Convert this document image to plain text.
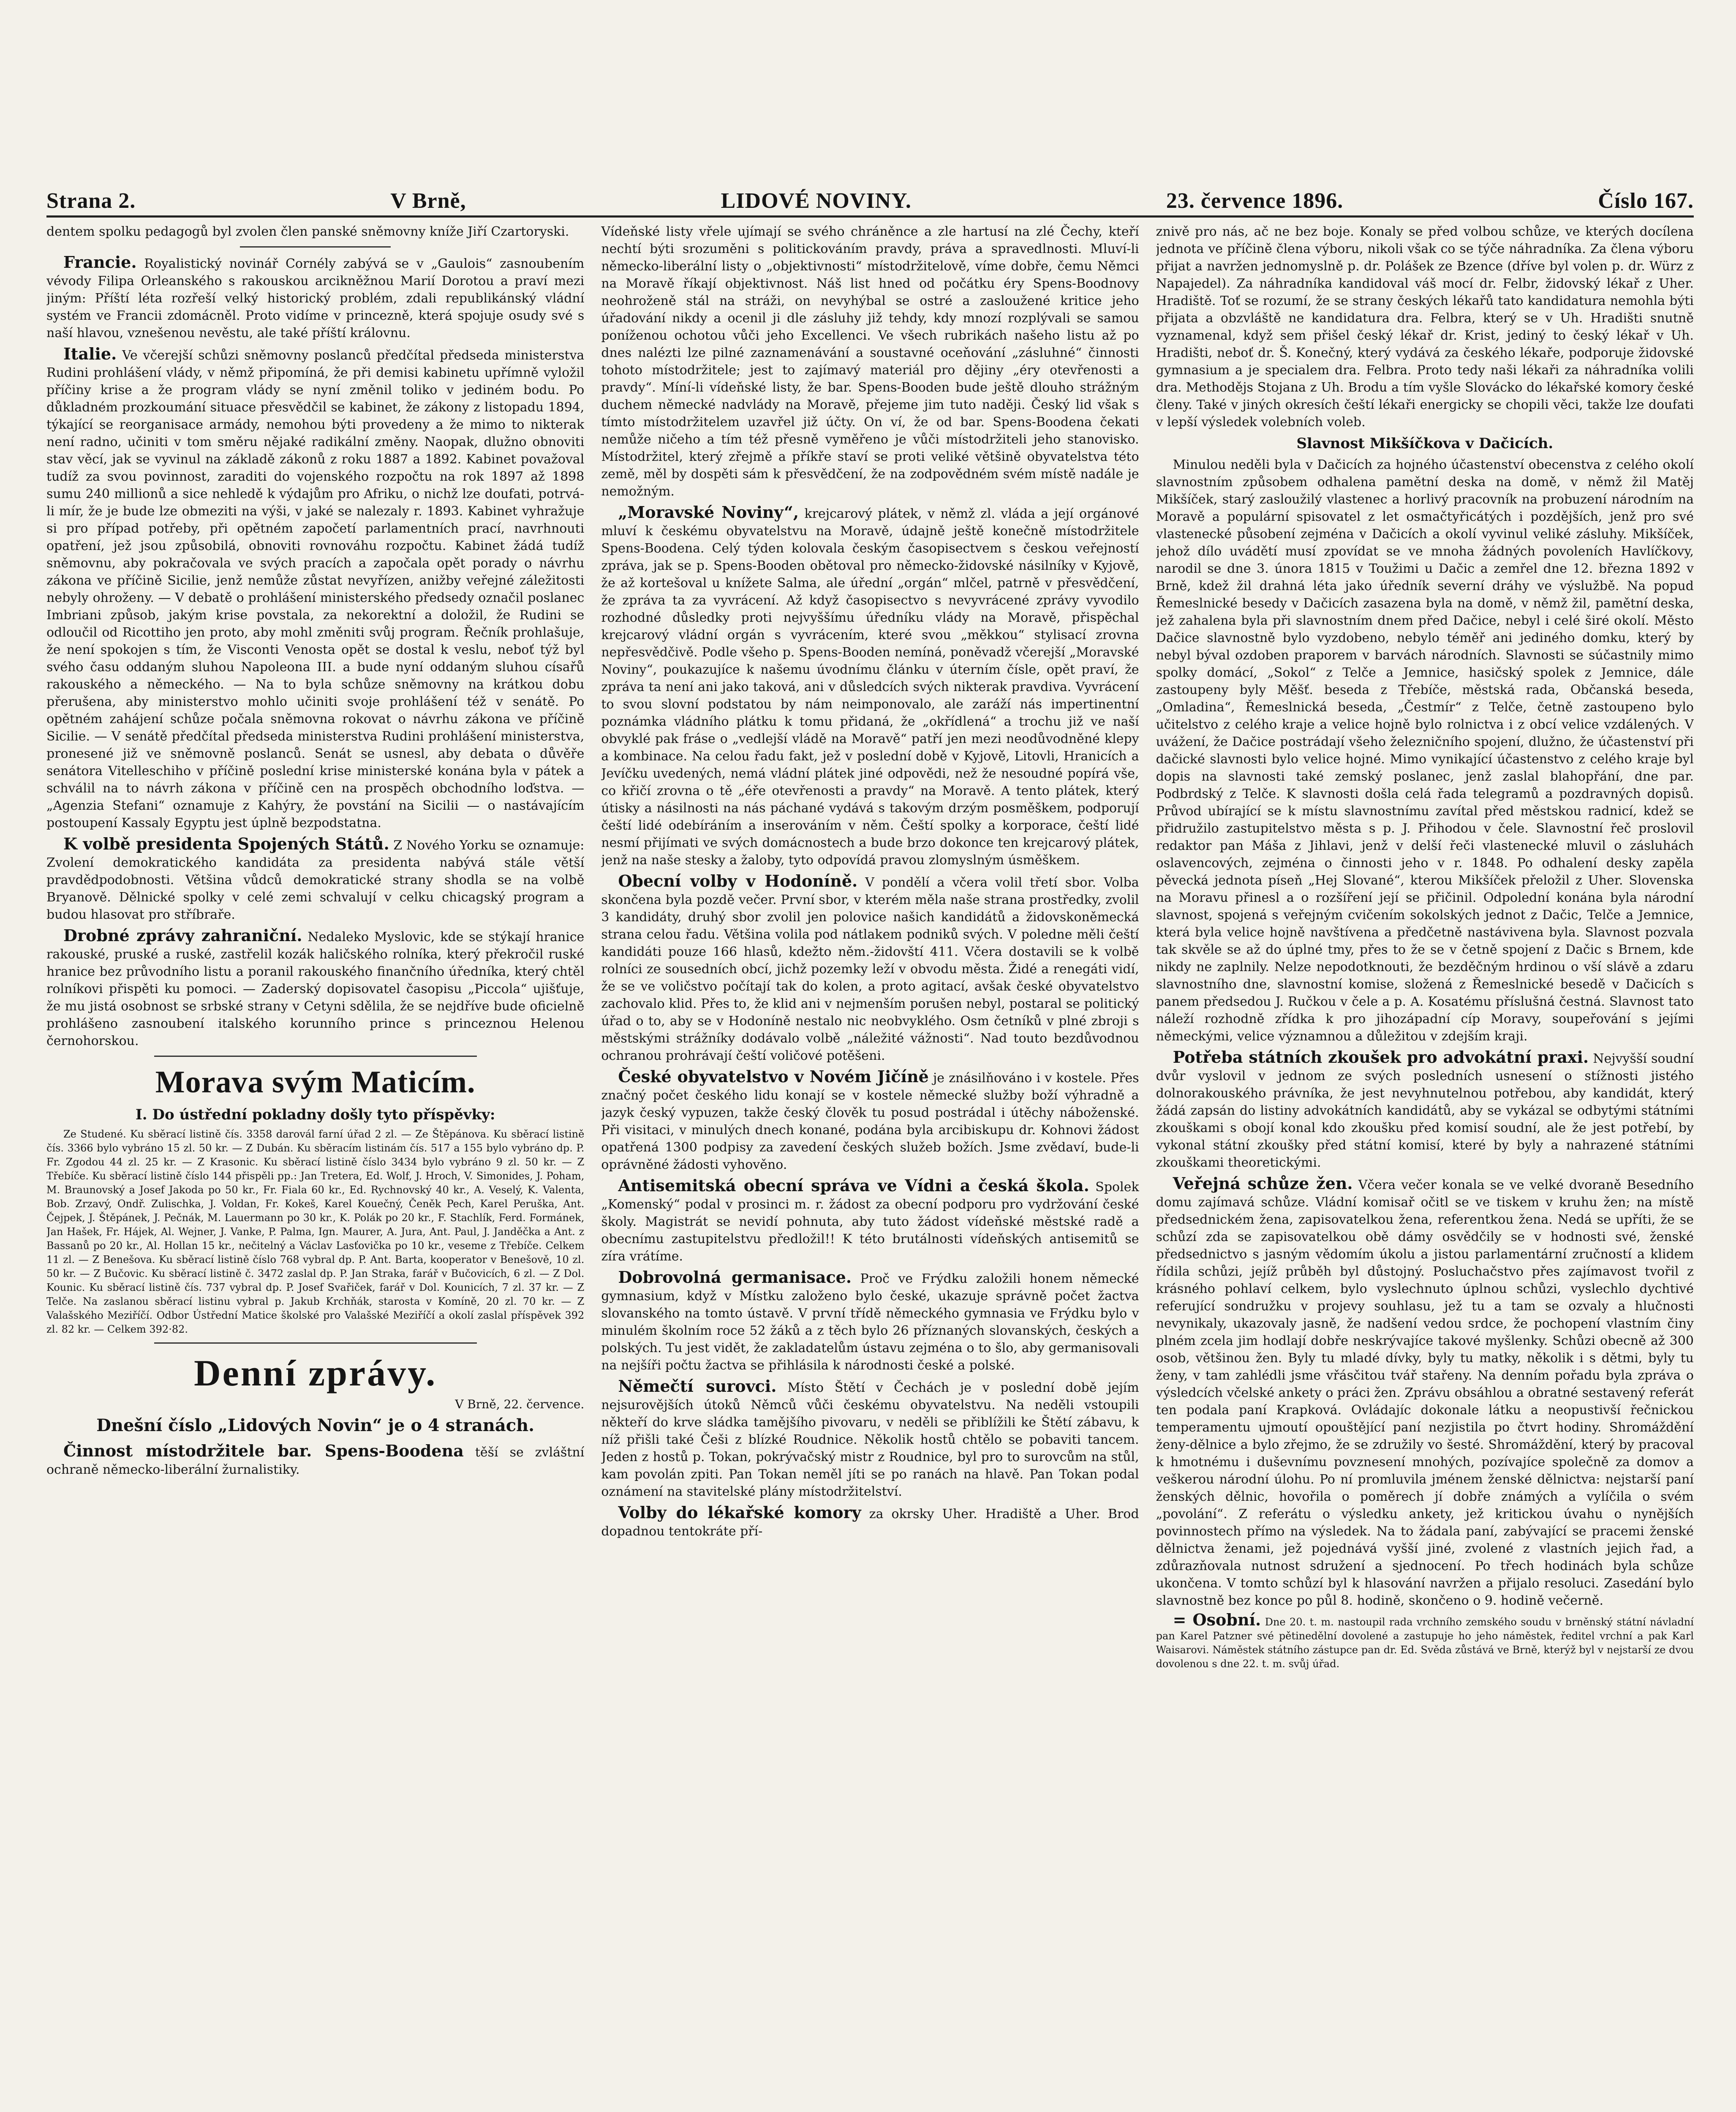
Strana 2.	V Brně,	LIDOVÉ NOVINY.	23. července 1896.	Číslo 167.

dentem spolku pedagogů byl zvolen člen panské sněmovny kníže Jiří Czartoryski.

Francie. Royalistický novinář Cornély zabývá se v „Gaulois“ zasnoubením vévody Filipa Orleanského s rakouskou arcikněžnou Marií Dorotou a praví mezi jiným: Příští léta rozřeší velký historický problém, zdali republikánský vládní systém ve Francii zdomácněl. Proto vidíme v princezně, která spojuje osudy své s naší hlavou, vznešenou nevěstu, ale také příští královnu.

Italie. Ve včerejší schůzi sněmovny poslanců předčítal předseda ministerstva Rudini prohlášení vlády, v němž připomíná, že při demisi kabinetu upřímně vyložil příčiny krise a že program vlády se nyní změnil toliko v jediném bodu. Po důkladném prozkoumání situace přesvědčil se kabinet, že zákony z listopadu 1894, týkající se reorganisace armády, nemohou býti provedeny a že mimo to nikterak není radno, učiniti v tom směru nějaké radikální změny. Naopak, dlužno obnoviti stav věcí, jak se vyvinul na základě zákonů z roku 1887 a 1892. Kabinet považoval tudíž za svou povinnost, zaraditi do vojenského rozpočtu na rok 1897 až 1898 sumu 240 millionů a sice nehledě k výdajům pro Afriku, o nichž lze doufati, potrvá-li mír, že je bude lze obmeziti na výši, v jaké se nalezaly r. 1893. Kabinet vyhražuje si pro případ potřeby, při opětném započetí parlamentních prací, navrhnouti opatření, jež jsou způsobilá, obnoviti rovnováhu rozpočtu. Kabinet žádá tudíž sněmovnu, aby pokračovala ve svých pracích a započala opět porady o návrhu zákona ve příčině Sicilie, jenž nemůže zůstat nevyřízen, anižby veřejné záležitosti nebyly ohroženy. — V debatě o prohlášení ministerského předsedy označil poslanec Imbriani způsob, jakým krise povstala, za nekorektní a doložil, že Rudini se odloučil od Ricottiho jen proto, aby mohl změniti svůj program. Řečník prohlašuje, že není spokojen s tím, že Visconti Venosta opět se dostal k veslu, neboť týž byl svého času oddaným sluhou Napoleona III. a bude nyní oddaným sluhou císařů rakouského a německého. — Na to byla schůze sněmovny na krátkou dobu přerušena, aby ministerstvo mohlo učiniti svoje prohlášení též v senátě. Po opětném zahájení schůze počala sněmovna rokovat o návrhu zákona ve příčině Sicilie. — V senátě předčítal předseda ministerstva Rudini prohlášení ministerstva, pronesené již ve sněmovně poslanců. Senát se usnesl, aby debata o důvěře senátora Vitelleschiho v příčině poslední krise ministerské konána byla v pátek a schválil na to návrh zákona v příčině cen na prospěch obchodního loďstva. — „Agenzia Stefani“ oznamuje z Kahýry, že povstání na Sicilii — o nastávajícím postoupení Kassaly Egyptu jest úplně bezpodstatna.

K volbě presidenta Spojených Států. Z Nového Yorku se oznamuje: Zvolení demokratického kandidáta za presidenta nabývá stále větší pravdědpodobnosti. Většina vůdců demokratické strany shodla se na volbě Bryanově. Dělnické spolky v celé zemi schvalují v celku chicagský program a budou hlasovat pro stříbraře.

Drobné zprávy zahraniční. Nedaleko Myslovic, kde se stýkají hranice rakouské, pruské a ruské, zastřelil kozák haličského rolníka, který překročil ruské hranice bez průvodního listu a poranil rakouského finančního úředníka, který chtěl rolníkovi přispěti ku pomoci. — Zaderský dopisovatel časopisu „Piccola“ ujišťuje, že mu jistá osobnost se srbské strany v Cetyni sdělila, že se nejdříve bude oficielně prohlášeno zasnoubení italského korunního prince s princeznou Helenou černohorskou.

Morava svým Maticím.
I. Do ústřední pokladny došly tyto příspěvky:

Ze Studené. Ku sběrací listině čís. 3358 darovál farní úřad 2 zl. — Ze Štěpánova. Ku sběrací listině čís. 3366 bylo vybráno 15 zl. 50 kr. — Z Dubán. Ku sběracím listinám čís. 517 a 155 bylo vybráno dp. P. Fr. Zgodou 44 zl. 25 kr. — Z Krasonic. Ku sběrací listině číslo 3434 bylo vybráno 9 zl. 50 kr. — Z Třebíče. Ku sběrací listině číslo 144 přispěli pp.: Jan Tretera, Ed. Wolf, J. Hroch, V. Simonides, J. Poham, M. Braunovský a Josef Jakoda po 50 kr., Fr. Fiala 60 kr., Ed. Rychnovský 40 kr., A. Veselý, K. Valenta, Bob. Zrzavý, Ondř. Zulischka, J. Voldan, Fr. Kokeš, Karel Kouečný, Čeněk Pech, Karel Peruška, Ant. Čejpek, J. Štěpánek, J. Pečnák, M. Lauermann po 30 kr., K. Polák po 20 kr., F. Stachlík, Ferd. Formánek, Jan Hašek, Fr. Hájek, Al. Wejner, J. Vanke, P. Palma, Ign. Maurer, A. Jura, Ant. Paul, J. Janděčka a Ant. z Bassanů po 20 kr., Al. Hollan 15 kr., nečitelný a Václav Lasťovička po 10 kr., veseme z Třebíče. Celkem 11 zl. — Z Benešova. Ku sběrací listině číslo 768 vybral dp. P. Ant. Barta, kooperator v Benešově, 10 zl. 50 kr. — Z Bučovic. Ku sběrací listině č. 3472 zaslal dp. P. Jan Straka, farář v Bučovicích, 6 zl. — Z Dol. Kounic. Ku sběrací listině čís. 737 vybral dp. P. Josef Svařiček, farář v Dol. Kounicích, 7 zl. 37 kr. — Z Telče. Na zaslanou sběrací listinu vybral p. Jakub Krchňák, starosta v Komíně, 20 zl. 70 kr. — Z Valašského Meziříčí. Odbor Ústřední Matice školské pro Valašské Meziříčí a okolí zaslal příspěvek 392 zl. 82 kr. — Celkem 392·82.

Denní zprávy.
V Brně, 22. července.
Dnešní číslo „Lidových Novin“ je o 4 stranách.

Činnost místodržitele bar. Spens-Boodena těší se zvláštní ochraně německo-liberální žurnalistiky.

Vídeňské listy vřele ujímají se svého chráněnce a zle hartusí na zlé Čechy, kteří nechtí býti srozuměni s politickováním pravdy, práva a spravedlnosti. Mluví-li německo-liberální listy o „objektivnosti“ místodržitelově, víme dobře, čemu Němci na Moravě říkají objektivnost. Náš list hned od počátku éry Spens-Boodnovy neohroženě stál na stráži, on nevyhýbal se ostré a zasloužené kritice jeho úřadování nikdy a ocenil ji dle zásluhy již tehdy, kdy mnozí rozplývali se samou poníženou ochotou vůči jeho Excellenci. Ve všech rubrikách našeho listu až po dnes nalézti lze pilné zaznamenávání a soustavné oceňování „zásluhné“ činnosti tohoto místodržitele; jest to zajímavý materiál pro dějiny „éry otevřenosti a pravdy“. Míní-li vídeňské listy, že bar. Spens-Booden bude ještě dlouho strážným duchem německé nadvlády na Moravě, přejeme jim tuto naději. Český lid však s tímto místodržitelem uzavřel již účty. On ví, že od bar. Spens-Boodena čekati nemůže ničeho a tím též přesně vyměřeno je vůči místodržiteli jeho stanovisko. Místodržitel, který zřejmě a příkře staví se proti veliké většině obyvatelstva této země, měl by dospěti sám k přesvědčení, že na zodpovědném svém místě nadále je nemožným.

„Moravské Noviny“, krejcarový plátek, v němž zl. vláda a její orgánové mluví k českému obyvatelstvu na Moravě, údajně ještě konečně místodržitele Spens-Boodena. Celý týden kolovala českým časopisectvem s českou veřejností zpráva, jak se p. Spens-Booden obětoval pro německo-židovské násilníky v Kyjově, že až kortešoval u knížete Salma, ale úřední „orgán“ mlčel, patrně v přesvědčení, že zpráva ta za vyvrácení. Až když časopisectvo s nevyvrácené zprávy vyvodilo rozhodné důsledky proti nejvyššímu úředníku vlády na Moravě, přispěchal krejcarový vládní orgán s vyvrácením, které svou „měkkou“ stylisací zrovna nepřesvědčivě. Podle všeho p. Spens-Booden nemíná, poněvadž včerejší „Moravské Noviny“, poukazujíce k našemu úvodnímu článku v úterním čísle, opět praví, že zpráva ta není ani jako taková, ani v důsledcích svých nikterak pravdiva. Vyvrácení to svou slovní podstatou by nám neimponovalo, ale zaráží nás impertinentní poznámka vládního plátku k tomu přidaná, že „okřídlená“ a trochu již ve naší obvyklé pak fráse o „vedlejší vládě na Moravě“ patří jen mezi neodůvodněné klepy a kombinace. Na celou řadu fakt, jež v poslední době v Kyjově, Litovli, Hranicích a Jevíčku uvedených, nemá vládní plátek jiné odpovědi, než že nesoudné popírá vše, co křičí zrovna o tě „éře otevřenosti a pravdy“ na Moravě. A tento plátek, který útisky a násilnosti na nás páchané vydává s takovým drzým posměškem, podporují čeští lidé odebíráním a inserováním v něm. Čeští spolky a korporace, čeští lidé nesmí přijímati ve svých domácnostech a bude brzo dokonce ten krejcarový plátek, jenž na naše stesky a žaloby, tyto odpovídá pravou zlomyslným úsměškem.

Obecní volby v Hodoníně. V pondělí a včera volil třetí sbor. Volba skončena byla pozdě večer. První sbor, v kterém měla naše strana prostředky, zvolil 3 kandidáty, druhý sbor zvolil jen polovice našich kandidátů a židovskoněmecká strana celou řadu. Většina volila pod nátlakem podniků svých. V poledne měli čeští kandidáti pouze 166 hlasů, kdežto něm.-židovští 411. Včera dostavili se k volbě rolníci ze sousedních obcí, jichž pozemky leží v obvodu města. Židé a renegáti vidí, že se ve voličstvo počítají tak do kolen, a proto agitací, avšak české obyvatelstvo zachovalo klid. Přes to, že klid ani v nejmenším porušen nebyl, postaral se politický úřad o to, aby se v Hodoníně nestalo nic neobvyklého. Osm četníků v plné zbroji s městskými strážníky dodávalo volbě „náležité vážnosti“. Nad touto bezdůvodnou ochranou prohrávají čeští voličové potěšeni.

České obyvatelstvo v Novém Jičíně je znásilňováno i v kostele. Přes značný počet českého lidu konají se v kostele německé služby boží výhradně a jazyk český vypuzen, takže český člověk tu posud postrádal i útěchy náboženské. Při visitaci, v minulých dnech konané, podána byla arcibiskupu dr. Kohnovi žádost opatřená 1300 podpisy za zavedení českých služeb božích. Jsme zvědaví, bude-li oprávněné žádosti vyhověno.

Antisemitská obecní správa ve Vídni a česká škola. Spolek „Komenský“ podal v prosinci m. r. žádost za obecní podporu pro vydržování české školy. Magistrát se nevidí pohnuta, aby tuto žádost vídeňské městské radě a obecnímu zastupitelstvu předložil!! K této brutálnosti vídeňských antisemitů se zíra vrátíme.

Dobrovolná germanisace. Proč ve Frýdku založili honem německé gymnasium, když v Místku založeno bylo české, ukazuje správně počet žactva slovanského na tomto ústavě. V první třídě německého gymnasia ve Frýdku bylo v minulém školním roce 52 žáků a z těch bylo 26 příznaných slovanských, českých a polských. Tu jest vidět, že zakladatelům ústavu zejména o to šlo, aby germanisovali na nejšíři počtu žactva se přihlásila k národnosti české a polské.

Němečtí surovci. Místo Štětí v Čechách je v poslední době jejím nejsurovějších útoků Němců vůči českému obyvatelstvu. Na neděli vstoupili někteří do krve sládka tamějšího pivovaru, v neděli se přiblížili ke Štětí zábavu, k níž přišli také Češi z blízké Roudnice. Několik hostů chtělo se pobaviti tancem. Jeden z hostů p. Tokan, pokrývačský mistr z Roudnice, byl pro to surovcům na stůl, kam povolán zpiti. Pan Tokan neměl jíti se po ranách na hlavě. Pan Tokan podal oznámení na stavitelské plány místodržitelství.

Volby do lékařské komory za okrsky Uher. Hradiště a Uher. Brod dopadnou tentokráte pří-

znivě pro nás, ač ne bez boje. Konaly se před volbou schůze, ve kterých docílena jednota ve příčině člena výboru, nikoli však co se týče náhradníka. Za člena výboru přijat a navržen jednomyslně p. dr. Polášek ze Bzence (dříve byl volen p. dr. Würz z Napajedel). Za náhradníka kandidoval váš mocí dr. Felbr, židovský lékař z Uher. Hradiště. Toť se rozumí, že se strany českých lékařů tato kandidatura nemohla býti přijata a obzvláště ne kandidatura dra. Felbra, který se v Uh. Hradišti snutně vyznamenal, když sem přišel český lékař dr. Krist, jediný to český lékař v Uh. Hradišti, neboť dr. Š. Konečný, který vydává za českého lékaře, podporuje židovské gymnasium a je specialem dra. Felbra. Proto tedy naši lékaři za náhradníka volili dra. Methodějs Stojana z Uh. Brodu a tím vyšle Slovácko do lékařské komory české členy. Také v jiných okresích čeští lékaři energicky se chopili věci, takže lze doufati v lepší výsledek volebních voleb.

Slavnost Mikšíčkova v Dačicích.

Minulou neděli byla v Dačicích za hojného účastenství obecenstva z celého okolí slavnostním způsobem odhalena pamětní deska na domě, v němž žil Matěj Mikšíček, starý zasloužilý vlastenec a horlivý pracovník na probuzení národním na Moravě a populární spisovatel z let osmačtyřicátých i pozdějších, jenž pro své vlastenecké působení zejména v Dačicích a okolí vyvinul veliké zásluhy. Mikšíček, jehož dílo uvádětí musí zpovídat se ve mnoha žádných povoleních Havlíčkovy, narodil se dne 3. února 1815 v Toužimi u Dačic a zemřel dne 12. března 1892 v Brně, kdež žil drahná léta jako úředník severní dráhy ve výslužbě. Na popud Řemeslnické besedy v Dačicích zasazena byla na domě, v němž žil, pamětní deska, jež zahalena byla při slavnostním dnem před Dačice, nebyl i celé širé okolí. Město Dačice slavnostně bylo vyzdobeno, nebylo téměř ani jediného domku, který by nebyl býval ozdoben praporem v barvách národních. Slavnosti se súčastnily mimo spolky domácí, „Sokol“ z Telče a Jemnice, hasičský spolek z Jemnice, dále zastoupeny byly Měšť. beseda z Třebíče, městská rada, Občanská beseda, „Omladina“, Řemeslnická beseda, „Čestmír“ z Telče, četně zastoupeno bylo učitelstvo z celého kraje a velice hojně bylo rolnictva i z obcí velice vzdálených. V uvážení, že Dačice postrádají všeho železničního spojení, dlužno, že účastenství při dačické slavnosti bylo velice hojné. Mimo vynikající účastenstvo z celého kraje byl dopis na slavnosti také zemský poslanec, jenž zaslal blahopřání, dne par. Podbrdský z Telče. K slavnosti došla celá řada telegramů a pozdravných dopisů. Průvod ubírající se k místu slavnostnímu zavítal před městskou radnicí, kdež se přidružilo zastupitelstvo města s p. J. Přihodou v čele. Slavnostní řeč proslovil redaktor pan Máša z Jihlavi, jenž v delší řeči vlastenecké mluvil o zásluhách oslavencových, zejména o činnosti jeho v r. 1848. Po odhalení desky zapěla pěvecká jednota píseň „Hej Slované“, kterou Mikšíček přeložil z Uher. Slovenska na Moravu přinesl a o rozšíření její se přičinil. Odpolední konána byla národní slavnost, spojená s veřejným cvičením sokolských jednot z Dačic, Telče a Jemnice, která byla velice hojně navštívena a předčetně nastávivena byla. Slavnost pozvala tak skvěle se až do úplné tmy, přes to že se v četně spojení z Dačic s Brnem, kde nikdy ne zaplnily. Nelze nepodotknouti, že bezděčným hrdinou o vší slávě a zdaru slavnostního dne, slavnostní komise, složená z Řemeslnické besedě v Dačicích s panem předsedou J. Ručkou v čele a p. A. Kosatému příslušná čestná. Slavnost tato náleží rozhodně zřídka k pro jihozápadní cíp Moravy, soupeřování s jejími německými, velice významnou a důležitou v zdejším kraji.

Potřeba státních zkoušek pro advokátní praxi. Nejvyšší soudní dvůr vyslovil v jednom ze svých posledních usnesení o stížnosti jistého dolnorakouského právníka, že jest nevyhnutelnou potřebou, aby kandidát, který žádá zapsán do listiny advokátních kandidátů, aby se vykázal se odbytými státními zkouškami s obojí konal kdo zkoušku před komisí soudní, ale že jest potřebí, by vykonal státní zkoušky před státní komisí, které by byly a nahrazené státními zkouškami theoretickými.

Veřejná schůze žen. Včera večer konala se ve velké dvoraně Besedního domu zajímavá schůze. Vládní komisař očitl se ve tiskem v kruhu žen; na místě předsednickém žena, zapisovatelkou žena, referentkou žena. Nedá se upříti, že se schůzí zda se zapisovatelkou obě dámy osvědčily se v hodnosti své, ženské předsednictvo s jasným vědomím úkolu a jistou parlamentární zručností a klidem řídila schůzi, jejíž průběh byl důstojný. Posluchačstvo přes zajímavost tvořil z krásného pohlaví celkem, bylo vyslechnuto úplnou schůzi, vyslechlo dychtivé referující sondružku v projevy souhlasu, jež tu a tam se ozvaly a hlučnosti nevynikaly, ukazovaly jasně, že nadšení vedou srdce, že pochopení vlastním činy plném zcela jim hodlají dobře neskrývajíce takové myšlenky. Schůzi obecně až 300 osob, většinou žen. Byly tu mladé dívky, byly tu matky, několik i s dětmi, byly tu ženy, v tam zahlédli jsme vřásčitou tvář stařeny. Na denním pořadu byla zpráva o výsledcích včelské ankety o práci žen. Zprávu obsáhlou a obratné sestavený referát ten podala paní Krapková. Ovládajíc dokonale látku a neopustivší řečnickou temperamentu ujmoutí opouštějící paní nezjistila po čtvrt hodiny. Shromáždění ženy-dělnice a bylo zřejmo, že se združily vo šesté. Shromáždění, který by pracoval k hmotnému i duševnímu povznesení mnohých, pozívajíce společně za domov a veškerou národní úlohu. Po ní promluvila jménem ženské dělnictva: nejstarší paní ženských dělnic, hovořila o poměrech jí dobře známých a vylíčila o svém „povolání“. Z referátu o výsledku ankety, jež kritickou úvahu o nynějších povinnostech přímo na výsledek. Na to žádala paní, zabývající se pracemi ženské dělnictva ženami, jež pojednává vyšší jiné, zvolené z vlastních jejich řad, a zdůrazňovala nutnost sdružení a sjednocení. Po třech hodinách byla schůze ukončena. V tomto schůzí byl k hlasování navržen a přijalo resoluci. Zasedání bylo slavnostně bez konce po půl 8. hodině, skončeno o 9. hodině večerně.

= Osobní. Dne 20. t. m. nastoupil rada vrchního zemského soudu v brněnský státní návladní pan Karel Patzner své pětinedělní dovolené a zastupuje ho jeho náměstek, ředitel vrchní a pak Karl Waisarovi. Náměstek státního zástupce pan dr. Ed. Svěda zůstává ve Brně, kterýž byl v nejstarší ze dvou dovolenou s dne 22. t. m. svůj úřad.
